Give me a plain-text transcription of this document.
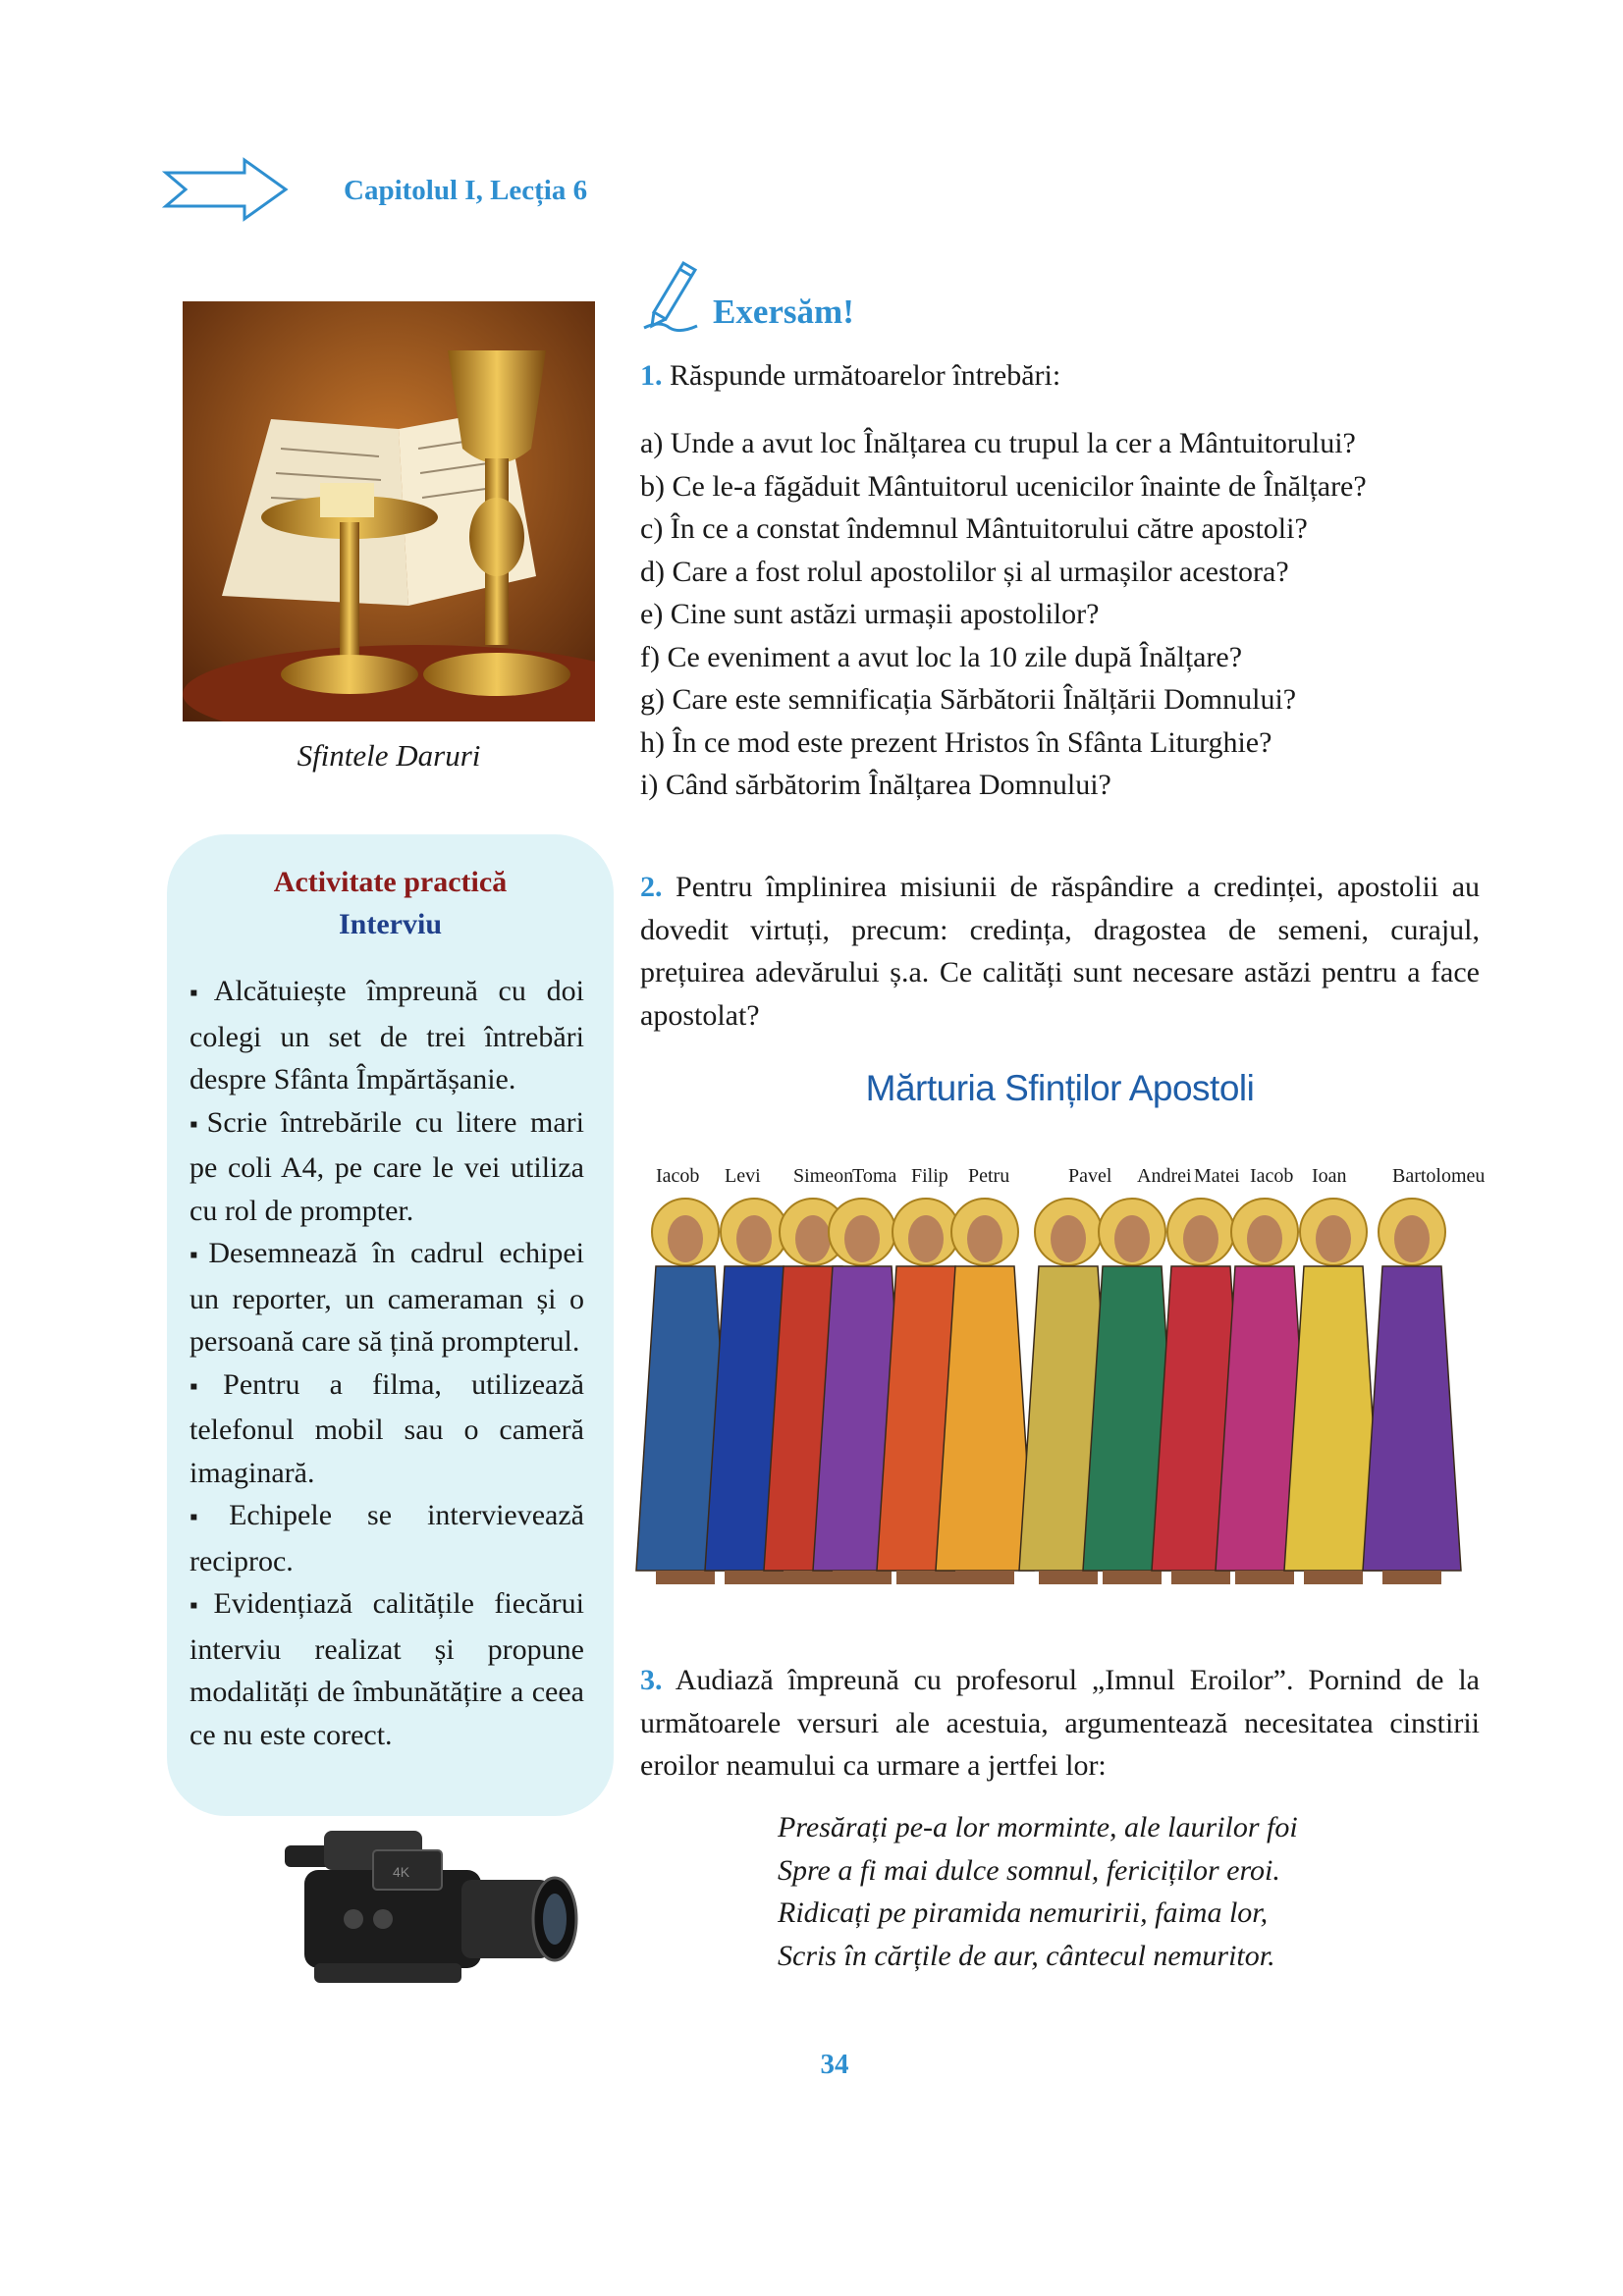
Capitolul I, Lecția 6
Sfintele Daruri
Exersăm!
1. Răspunde următoarelor întrebări:
a) Unde a avut loc Înălțarea cu trupul la cer a Mântuitorului?
b) Ce le-a făgăduit Mântuitorul ucenicilor înainte de Înălțare?
c) În ce a constat îndemnul Mântuitorului către apostoli?
d) Care a fost rolul apostolilor și al urmașilor acestora?
e) Cine sunt astăzi urmașii apostolilor?
f) Ce eveniment a avut loc la 10 zile după Înălțare?
g) Care este semnificația Sărbătorii Înălțării Domnului?
h) În ce mod este prezent Hristos în Sfânta Liturghie?
i) Când sărbătorim Înălțarea Domnului?
2. Pentru împlinirea misiunii de răspândire a credinței, apostolii au dovedit virtuți, precum: credința, dragostea de semeni, curajul, prețuirea adevărului ș.a. Ce calități sunt necesare astăzi pentru a face apostolat?
Mărturia Sfinților Apostoli
Iacob Levi Simeon
Toma Filip Petru	Pavel Andrei Matei Iacob Ioan Bartolomeu
3. Audiază împreună cu profesorul „Imnul Eroilor”. Pornind de la următoarele versuri ale acestuia, argumentează necesitatea cinstirii eroilor neamului ca urmare a jertfei lor:
Presărați pe-a lor morminte, ale laurilor foi
Spre a fi mai dulce somnul, fericiților eroi.
Ridicați pe piramida nemuririi, faima lor,
Scris în cărțile de aur, cântecul nemuritor.
Activitate practică
Interviu
▪ Alcătuiește împreună cu doi colegi un set de trei întrebări despre Sfânta Împărtășanie.
▪ Scrie întrebările cu litere mari pe coli A4, pe care le vei utiliza cu rol de prompter.
▪ Desemnează în cadrul echipei un reporter, un cameraman și o persoană care să țină prompterul.
▪ Pentru a filma, utilizează telefonul mobil sau o cameră imaginară.
▪ Echipele se intervievează reciproc.
▪ Evidențiază calitățile fiecărui interviu realizat și propune modalități de îmbunătățire a ceea ce nu este corect.
4K
34
